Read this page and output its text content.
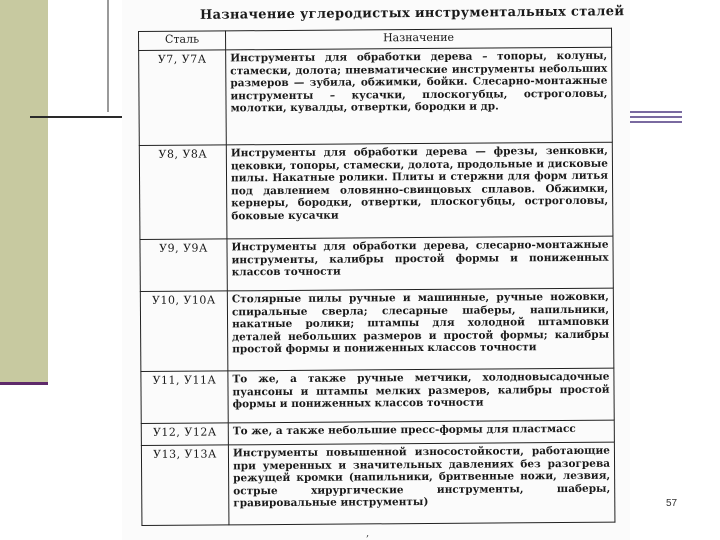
Назначение углеродистых инструментальных сталей
Сталь	Назначение
У7, У7А	Инструменты для обработки дерева – топоры, колуны, стамески, долота; пневматические инструменты небольших размеров — зубила, обжимки, бойки. Слесарно-монтажные инструменты – кусачки, плоскогубцы, остроголовы, молотки, кувалды, отвертки, бородки и др.
У8, У8А	Инструменты для обработки дерева — фрезы, зенковки, цековки, топоры, стамески, долота, продольные и дисковые пилы. Накатные ролики. Плиты и стержни для форм литья под давлением оловянно-свинцовых сплавов. Обжимки, кернеры, бородки, отвертки, плоскогубцы, остроголовы, боковые кусачки
У9, У9А	Инструменты для обработки дерева, слесарно-монтажные инструменты, калибры простой формы и пониженных классов точности
У10, У10А	Столярные пилы ручные и машинные, ручные ножовки, спиральные сверла; слесарные шаберы, напильники, накатные ролики; штампы для холодной штамповки деталей небольших размеров и простой формы; калибры простой формы и пониженных классов точности
У11, У11А	То же, а также ручные метчики, холодновысадочные пуансоны и штампы мелких размеров, калибры простой формы и пониженных классов точности
У12, У12А	То же, а также небольшие пресс-формы для пластмасс
У13, У13А	Инструменты повышенной износостойкости, работающие при умеренных и значительных давлениях без разогрева режущей кромки (напильники, бритвенные ножи, лезвия, острые хирургические инструменты, шаберы, гравировальные инструменты)	57
,
